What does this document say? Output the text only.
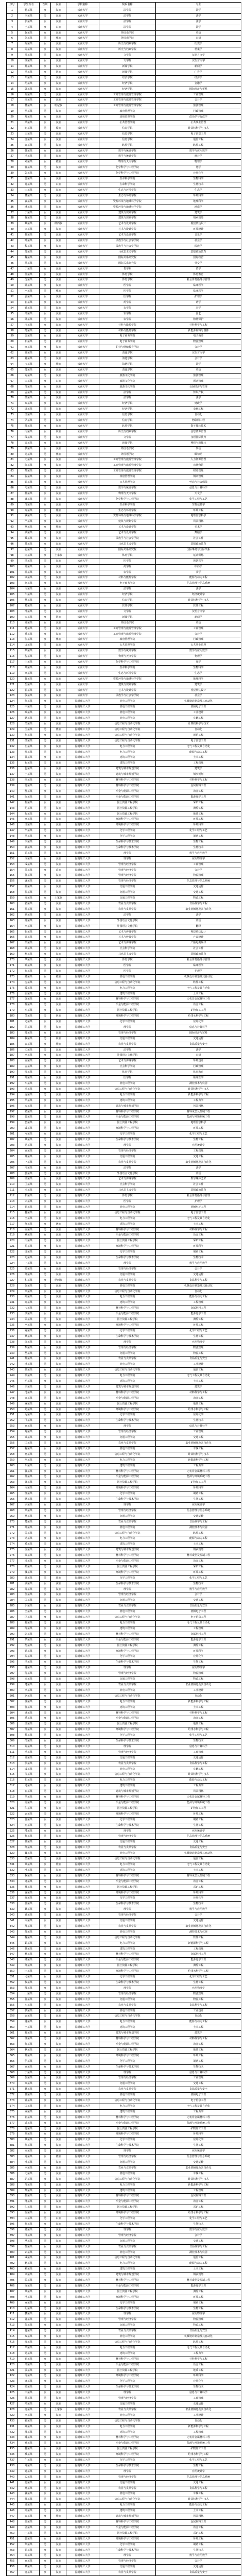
序号	学生姓名	性别	民族	学校名称	院系名称	专业
1	杨某某	女	汉族	云南大学	法学院	法学
2	李某某	男	汉族	云南大学	法学院	法学
3	张某某	女	汉族	云南大学	法学院	法学
4	王某某	女	白族	云南大学	法学院	法学
5	赵某某	女	汉族	云南大学	外国语学院	英语
6	刘某某	男	彝族	云南大学	外国语学院	日语
7	陈某某	女	汉族	云南大学	历史与档案学院	历史学
8	周某某	女	汉族	云南大学	历史与档案学院	档案学
9	吴某某	男	汉族	云南大学	文学院	汉语言文学
10	徐某某	女	汉族	云南大学	文学院	汉语言文学
11	孙某某	女	汉族	云南大学	新闻学院	新闻学
12	马某某	女	回族	云南大学	新闻学院	广告学
13	朱某某	男	汉族	云南大学	经济学院	经济学
14	胡某某	女	汉族	云南大学	经济学院	金融学
15	郭某某	女	汉族	云南大学	经济学院	国际经济与贸易
16	何某某	男	汉族	云南大学	工商管理与旅游管理学院	工商管理
17	高某某	女	汉族	云南大学	工商管理与旅游管理学院	会计学
18	林某某	女	哈尼族	云南大学	工商管理与旅游管理学院	旅游管理
19	罗某某	男	汉族	云南大学	政府管理学院	行政管理
20	郑某某	女	汉族	云南大学	政府管理学院	政治学与行政学
21	梁某某	女	汉族	云南大学	公共管理学院	公共事业管理
22	谢某某	男	傣族	云南大学	信息学院	计算机科学与技术
23	宋某某	男	汉族	云南大学	信息学院	电子信息工程
24	唐某某	女	汉族	云南大学	信息学院	通信工程
25	许某某	男	汉族	云南大学	软件学院	软件工程
26	韩某某	女	汉族	云南大学	数学与统计学院	数学与应用数学
27	冯某某	男	汉族	云南大学	数学与统计学院	统计学
28	邓某某	女	彝族	云南大学	物理与天文学院	物理学
29	曹某某	男	汉族	云南大学	化学科学与工程学院	化学
30	彭某某	女	汉族	云南大学	化学科学与工程学院	应用化学
31	曾某某	女	汉族	云南大学	生命科学学院	生物科学
32	肖某某	男	白族	云南大学	生命科学学院	生物技术
33	田某某	女	汉族	云南大学	生态与环境学院	生态学
34	董某某	男	汉族	云南大学	生态与环境学院	环境科学
35	袁某某	女	汉族	云南大学	资源环境与地球科学学院	地理科学
36	潘某某	男	汉族	云南大学	资源环境与地球科学学院	地质学
37	于某某	女	汉族	云南大学	建筑与规划学院	建筑学
38	蒋某某	男	汉族	云南大学	建筑与规划学院	城乡规划
39	蔡某某	女	纳西族	云南大学	艺术与设计学院	视觉传达设计
40	余某某	女	汉族	云南大学	艺术与设计学院	环境设计
41	杜某某	男	汉族	云南大学	艺术与设计学院	音乐学
42	叶某某	女	汉族	云南大学	民族学与社会学学院	社会学
43	程某某	女	汉族	云南大学	民族学与社会学学院	民族学
44	苏某某	男	汉族	云南大学	马克思主义学院	思想政治教育
45	魏某某	女	汉族	云南大学	国际关系研究院	国际政治
46	吕某某	男	汉族	云南大学	国际关系研究院	外交学
47	丁某某	女	汉族	云南大学	哲学系	哲学
48	任某某	女	汉族	云南大学	体育学院	体育教育
49	沈某某	男	汉族	云南大学	体育学院	社会体育指导与管理
50	姚某某	女	汉族	云南大学	医学院	临床医学
51	卢某某	男	彝族	云南大学	医学院	临床医学
52	姜某某	女	汉族	云南大学	医学院	护理学
53	崔某某	女	汉族	云南大学	药学院	药学
54	钟某某	男	汉族	云南大学	农学院	农学
55	谭某某	女	汉族	云南大学	农学院	园艺
56	陆某某	男	汉族	云南大学	农学院	植物保护
57	汪某某	女	汉族	云南大学	材料与能源学院	材料科学与工程
58	范某某	男	汉族	云南大学	材料与能源学院	新能源材料与器件
59	金某某	女	汉族	云南大学	电子商务学院	电子商务
60	石某某	男	苗族	云南大学	电子商务学院	物流管理
61	廖某某	女	汉族	云南大学	职业与继续教育学院	会计学
62	贾某某	女	汉族	云南大学	滇池学院	汉语言文学
63	夏某某	男	汉族	云南大学	滇池学院	会计学
64	韦某某	女	壮族	云南大学	滇池学院	法学
65	付某某	女	汉族	云南大学	滇池学院	英语
66	方某某	男	汉族	云南大学	旅游文化学院	旅游管理
67	白某某	女	白族	云南大学	旅游文化学院	酒店管理
68	邹某某	女	汉族	云南大学	旅游文化学院	会展经济与管理
69	孟某某	男	汉族	云南大学	法学院	知识产权
70	熊某某	女	汉族	云南大学	法学院	法学
71	秦某某	女	汉族	云南大学	经济学院	财政学
72	邱某某	男	汉族	云南大学	经济学院	金融工程
73	江某某	女	汉族	云南大学	信息学院	自动化
74	尹某某	男	汉族	云南大学	信息学院	物联网工程
75	薛某某	女	汉族	云南大学	软件学院	数字媒体技术
76	闫某某	女	回族	云南大学	历史与档案学院	信息资源管理
77	段某某	男	汉族	云南大学	文学院	汉语国际教育
78	雷某某	女	汉族	云南大学	新闻学院	网络与新媒体
79	侯某某	女	汉族	云南大学	外国语学院	泰语
80	龙某某	男	彝族	云南大学	外国语学院	缅甸语
81	史某某	女	汉族	云南大学	工商管理与旅游管理学院	人力资源管理
82	陶某某	女	汉族	云南大学	工商管理与旅游管理学院	市场营销
83	黎某某	男	汉族	云南大学	工商管理与旅游管理学院	财务管理
84	贺某某	女	汉族	云南大学	政府管理学院	城市管理
85	顾某某	女	汉族	云南大学	公共管理学院	劳动与社会保障
86	毛某某	男	汉族	云南大学	数学与统计学院	信息与计算科学
87	郝某某	女	汉族	云南大学	物理与天文学院	天文学
88	龚某某	男	汉族	云南大学	化学科学与工程学院	化学工程与工艺
89	邵某某	女	汉族	云南大学	生命科学学院	生物信息学
90	万某某	女	傣族	云南大学	生态与环境学院	环境工程
91	钱某某	男	汉族	云南大学	资源环境与地球科学学院	地理信息科学
92	严某某	女	汉族	云南大学	建筑与规划学院	风景园林
93	覃某某	女	壮族	云南大学	艺术与设计学院	美术学
94	武某某	男	汉族	云南大学	艺术与设计学院	舞蹈学
95	戴某某	女	汉族	云南大学	民族学与社会学学院	社会工作
96	莫某某	女	汉族	云南大学	马克思主义学院	思想政治教育
97	孔某某	男	汉族	云南大学	国际关系研究院	国际事务与国际关系
98	向某某	女	土家族	云南大学	体育学院	运动训练
99	汤某某	男	汉族	云南大学	医学院	预防医学
100	常某某	女	汉族	云南大学	药学院	中药学
101	温某某	女	汉族	云南大学	农学院	茶学
102	康某某	男	汉族	云南大学	材料与能源学院	能源与动力工程
103	施某某	女	汉族	云南大学	电子商务学院	信息管理与信息系统
104	文某某	女	汉族	云南大学	法学院	法学
105	牛某某	男	汉族	云南大学	经济学院	经济统计学
106	樊某某	女	汉族	云南大学	信息学院	计算机科学与技术
107	葛某某	女	汉族	云南大学	软件学院	软件工程
108	邢某某	男	汉族	云南大学	文学院	汉语言文学
109	安某某	女	回族	云南大学	新闻学院	新闻学
110	齐某某	女	汉族	云南大学	外国语学院	英语
111	易某某	男	汉族	云南大学	工商管理与旅游管理学院	工商管理
112	乔某某	女	汉族	云南大学	工商管理与旅游管理学院	会计学
113	伍某某	女	彝族	云南大学	政府管理学院	行政管理
114	庞某某	男	汉族	云南大学	公共管理学院	公共事业管理
115	颜某某	女	汉族	云南大学	数学与统计学院	数学与应用数学
116	倪某某	男	汉族	云南大学	物理与天文学院	物理学
117	庄某某	女	汉族	云南大学	化学科学与工程学院	化学
118	聂某某	女	汉族	云南大学	生命科学学院	生物科学
119	章某某	男	汉族	云南大学	生态与环境学院	生态学
120	鲁某某	女	汉族	云南大学	资源环境与地球科学学院	地理科学
121	岳某某	女	汉族	云南大学	建筑与规划学院	建筑学
122	翟某某	男	汉族	云南大学	艺术与设计学院	视觉传达设计
123	殷某某	女	汉族	云南大学	民族学与社会学学院	社会学
124	詹某某	女	汉族	昆明理工大学	机电工程学院	机械设计制造及其自动化
125	申某某	男	汉族	昆明理工大学	机电工程学院	机械电子工程
126	欧某某	女	汉族	昆明理工大学	机电工程学院	工业设计
127	耿某某	男	汉族	昆明理工大学	机电工程学院	车辆工程
128	关某某	女	汉族	昆明理工大学	信息工程与自动化学院	计算机科学与技术
129	兰某某	男	彝族	昆明理工大学	信息工程与自动化学院	自动化
130	焦某某	女	汉族	昆明理工大学	信息工程与自动化学院	通信工程
131	俞某某	男	汉族	昆明理工大学	信息工程与自动化学院	电子信息工程
132	左某某	女	汉族	昆明理工大学	电力工程学院	电气工程及其自动化
133	柳某某	男	汉族	昆明理工大学	电力工程学院	能源与动力工程
134	甘某某	女	白族	昆明理工大学	建筑工程学院	土木工程
135	祝某某	男	汉族	昆明理工大学	建筑工程学院	工程管理
136	包某某	女	汉族	昆明理工大学	建筑与城市规划学院	建筑学
137	宁某某	男	汉族	昆明理工大学	建筑与城市规划学院	城乡规划
138	尚某某	女	汉族	昆明理工大学	材料科学与工程学院	材料科学与工程
139	符某某	男	汉族	昆明理工大学	材料科学与工程学院	金属材料工程
140	舒某某	女	汉族	昆明理工大学	冶金与能源工程学院	冶金工程
141	阮某某	男	汉族	昆明理工大学	冶金与能源工程学院	能源化学工程
142	柯某某	女	汉族	昆明理工大学	国土资源工程学院	采矿工程
143	纪某某	男	汉族	昆明理工大学	国土资源工程学院	测绘工程
144	梅某某	女	汉族	昆明理工大学	国土资源工程学院	地质工程
145	童某某	男	汉族	昆明理工大学	环境科学与工程学院	环境工程
146	凌某某	女	汉族	昆明理工大学	环境科学与工程学院	环境科学
147	毕某某	男	汉族	昆明理工大学	化学工程学院	化学工程与工艺
148	单某某	女	汉族	昆明理工大学	化学工程学院	制药工程
149	季某某	男	汉族	昆明理工大学	生命科学与技术学院	生物工程
150	裴某某	女	汉族	昆明理工大学	生命科学与技术学院	生物技术
151	霍某某	男	汉族	昆明理工大学	理学院	数学与应用数学
152	涂某某	女	汉族	昆明理工大学	理学院	应用物理学
153	成某某	男	汉族	昆明理工大学	管理与经济学院	工商管理
154	苗某某	女	苗族	昆明理工大学	管理与经济学院	会计学
155	谷某某	女	汉族	昆明理工大学	管理与经济学院	物流管理
156	盛某某	男	汉族	昆明理工大学	管理与经济学院	信息管理与信息系统
157	曲某某	女	汉族	昆明理工大学	交通工程学院	交通运输
158	翁某某	男	汉族	昆明理工大学	交通工程学院	交通工程
159	冉某某	女	土家族	昆明理工大学	交通工程学院	物流工程
160	骆某某	男	汉族	昆明理工大学	农业与食品学院	食品科学与工程
161	蓝某某	女	汉族	昆明理工大学	农业与食品学院	农业机械化及其自动化
162	路某某	男	汉族	昆明理工大学	法学院	法学
163	游某某	女	汉族	昆明理工大学	外国语言文化学院	英语
164	辛某某	女	汉族	昆明理工大学	外国语言文化学院	翻译
165	靳某某	男	汉族	昆明理工大学	艺术与传媒学院	视觉传达设计
166	管某某	女	汉族	昆明理工大学	艺术与传媒学院	产品设计
167	柴某某	女	汉族	昆明理工大学	艺术与传媒学院	广播电视编导
168	蒙某某	男	汉族	昆明理工大学	社会科学学院	社会工作
169	鲍某某	女	汉族	昆明理工大学	马克思主义学院	思想政治教育
170	华某某	男	汉族	昆明理工大学	体育学院	社会体育指导与管理
171	喻某某	女	汉族	昆明理工大学	医学院	临床医学
172	祁某某	男	汉族	昆明理工大学	医学院	护理学
173	蒲某某	女	彝族	昆明理工大学	机电工程学院	机械设计制造及其自动化
174	房某某	男	汉族	昆明理工大学	信息工程与自动化学院	软件工程
175	滕某某	女	汉族	昆明理工大学	电力工程学院	电气工程及其自动化
176	屈某某	男	汉族	昆明理工大学	建筑工程学院	土木工程
177	饶某某	女	汉族	昆明理工大学	材料科学与工程学院	无机非金属材料工程
178	解某某	男	汉族	昆明理工大学	冶金与能源工程学院	冶金工程
179	牟某某	女	汉族	昆明理工大学	国土资源工程学院	矿物加工工程
180	艾某某	男	回族	昆明理工大学	环境科学与工程学院	给排水科学与工程
181	尤某某	女	汉族	昆明理工大学	化学工程学院	应用化学
182	阳某某	男	汉族	昆明理工大学	理学院	信息与计算科学
183	时某某	女	汉族	昆明理工大学	管理与经济学院	国际经济与贸易
184	穆某某	男	回族	昆明理工大学	交通工程学院	交通运输
185	农某某	女	壮族	昆明理工大学	农业与食品学院	食品质量与安全
186	司某某	男	汉族	昆明理工大学	法学院	法学
187	卓某某	女	汉族	昆明理工大学	外国语言文化学院	日语
188	古某某	男	汉族	昆明理工大学	艺术与传媒学院	环境设计
189	吉某某	女	汉族	昆明理工大学	社会科学学院	行政管理
190	缪某某	男	汉族	昆明理工大学	体育学院	体育教育
191	简某某	女	汉族	昆明理工大学	医学院	临床医学
192	车某某	男	汉族	昆明理工大学	机电工程学院	测控技术与仪器
193	项某某	女	汉族	昆明理工大学	信息工程与自动化学院	计算机科学与技术
194	连某某	男	汉族	昆明理工大学	电力工程学院	新能源科学与工程
195	芦某某	女	汉族	昆明理工大学	建筑工程学院	工程力学
196	麦某某	男	汉族	昆明理工大学	建筑与城市规划学院	风景园林
197	褚某某	女	汉族	昆明理工大学	材料科学与工程学院	材料成型及控制工程
198	娄某某	男	汉族	昆明理工大学	冶金与能源工程学院	能源与环境系统工程
199	窦某某	女	汉族	昆明理工大学	国土资源工程学院	地理信息科学
200	戚某某	男	汉族	昆明理工大学	环境科学与工程学院	环境工程
201	岑某某	女	汉族	昆明理工大学	化学工程学院	化学工程与工艺
202	景某某	男	汉族	昆明理工大学	生命科学与技术学院	生物工程
203	党某某	女	汉族	昆明理工大学	理学院	应用统计学
204	宫某某	男	汉族	昆明理工大学	管理与经济学院	工程管理
205	费某某	女	汉族	昆明理工大学	交通工程学院	交通工程
206	卜某某	男	汉族	昆明理工大学	农业与食品学院	农业机械化及其自动化
207	冷某某	女	汉族	昆明理工大学	法学院	法学
208	晏某某	男	汉族	昆明理工大学	外国语言文化学院	英语
209	席某某	女	汉族	昆明理工大学	艺术与传媒学院	数字媒体艺术
210	卫某某	男	汉族	昆明理工大学	社会科学学院	社会工作
211	米某某	女	汉族	昆明理工大学	马克思主义学院	思想政治教育
212	柏某某	男	汉族	昆明理工大学	体育学院	社会体育指导与管理
213	宗某某	女	汉族	昆明理工大学	医学院	护理学
214	瞿某某	男	汉族	昆明理工大学	机电工程学院	机械电子工程
215	桂某某	女	汉族	昆明理工大学	信息工程与自动化学院	电子信息工程
216	全某某	男	汉族	昆明理工大学	电力工程学院	电气工程及其自动化
217	佟某某	女	满族	昆明理工大学	建筑工程学院	土木工程
218	应某某	男	汉族	昆明理工大学	材料科学与工程学院	材料科学与工程
219	臧某某	女	汉族	昆明理工大学	冶金与能源工程学院	冶金工程
220	闵某某	男	汉族	昆明理工大学	国土资源工程学院	采矿工程
221	苟某某	女	汉族	昆明理工大学	环境科学与工程学院	环境科学
222	邬某某	男	汉族	昆明理工大学	化学工程学院	制药工程
223	边某某	女	汉族	昆明理工大学	生命科学与技术学院	生物技术
224	卞某某	男	汉族	昆明理工大学	理学院	数学与应用数学
225	姬某某	女	汉族	昆明理工大学	管理与经济学院	会计学
226	师某某	男	汉族	昆明理工大学	交通工程学院	交通运输
227	和某某	女	纳西族	昆明理工大学	农业与食品学院	食品科学与工程
228	仇某某	男	汉族	昆明理工大学	机电工程学院	机械设计制造及其自动化
229	栾某某	女	汉族	昆明理工大学	信息工程与自动化学院	自动化
230	隋某某	男	汉族	昆明理工大学	电力工程学院	能源与动力工程
231	商某某	女	汉族	昆明理工大学	建筑工程学院	工程管理
232	刁某某	男	汉族	昆明理工大学	材料科学与工程学院	金属材料工程
233	沙某某	女	回族	昆明理工大学	冶金与能源工程学院	能源化学工程
234	荣某某	男	汉族	昆明理工大学	国土资源工程学院	测绘工程
235	巫某某	女	汉族	昆明理工大学	环境科学与工程学院	环境工程
236	寇某某	男	汉族	昆明理工大学	化学工程学院	化学工程与工艺
237	桑某某	女	汉族	昆明理工大学	生命科学与技术学院	生物工程
238	郎某某	男	汉族	昆明理工大学	理学院	应用物理学
239	甄某某	女	汉族	昆明理工大学	管理与经济学院	物流管理
240	丛某某	男	汉族	昆明理工大学	交通工程学院	物流工程
241	仲某某	女	汉族	昆明理工大学	农业与食品学院	食品质量与安全
242	虞某某	男	汉族	昆明理工大学	机电工程学院	工业设计
243	敖某某	女	汉族	昆明理工大学	信息工程与自动化学院	通信工程
244	巩某某	男	汉族	昆明理工大学	电力工程学院	电气工程及其自动化
245	明某某	女	汉族	昆明理工大学	建筑工程学院	土木工程
246	佘某某	男	汉族	昆明理工大学	建筑与城市规划学院	建筑学
247	池某某	女	汉族	昆明理工大学	材料科学与工程学院	材料科学与工程
248	查某某	男	汉族	昆明理工大学	冶金与能源工程学院	冶金工程
249	麻某某	女	汉族	昆明理工大学	国土资源工程学院	地质工程
250	苑某某	男	汉族	昆明理工大学	环境科学与工程学院	给排水科学与工程
251	迟某某	女	汉族	昆明理工大学	化学工程学院	应用化学
252	邝某某	男	汉族	昆明理工大学	生命科学与技术学院	生物技术
253	官某某	女	汉族	昆明理工大学	理学院	信息与计算科学
254	封某某	男	汉族	昆明理工大学	管理与经济学院	工商管理
255	谈某某	女	汉族	昆明理工大学	交通工程学院	交通工程
256	匡某某	男	汉族	昆明理工大学	农业与食品学院	农业机械化及其自动化
257	鞠某某	女	汉族	昆明理工大学	机电工程学院	车辆工程
258	惠某某	男	汉族	昆明理工大学	信息工程与自动化学院	计算机科学与技术
259	荆某某	女	汉族	昆明理工大学	电力工程学院	新能源科学与工程
260	乐某某	男	汉族	昆明理工大学	建筑工程学院	工程力学
261	冀某某	女	汉族	昆明理工大学	材料科学与工程学院	无机非金属材料工程
262	郁某某	男	汉族	昆明理工大学	冶金与能源工程学院	能源与环境系统工程
263	胥某某	女	汉族	昆明理工大学	国土资源工程学院	矿物加工工程
264	南某某	男	汉族	昆明理工大学	环境科学与工程学院	环境科学
265	班某某	女	汉族	昆明理工大学	化学工程学院	制药工程
266	储某某	男	汉族	昆明理工大学	生命科学与技术学院	生物工程
267	原某某	女	汉族	昆明理工大学	理学院	应用统计学
268	栗某某	男	汉族	昆明理工大学	管理与经济学院	信息管理与信息系统
269	燕某某	女	汉族	昆明理工大学	交通工程学院	交通运输
270	楚某某	男	汉族	昆明理工大学	农业与食品学院	食品科学与工程
271	鄢某某	女	汉族	昆明理工大学	机电工程学院	测控技术与仪器
272	劳某某	男	汉族	昆明理工大学	信息工程与自动化学院	软件工程
273	谌某某	女	汉族	昆明理工大学	电力工程学院	能源与动力工程
274	奚某某	男	汉族	昆明理工大学	建筑工程学院	土木工程
275	皮某某	女	汉族	昆明理工大学	建筑与城市规划学院	城乡规划
276	粟某某	男	汉族	昆明理工大学	材料科学与工程学院	材料成型及控制工程
277	冼某某	女	汉族	昆明理工大学	冶金与能源工程学院	冶金工程
278	蔺某某	男	汉族	昆明理工大学	国土资源工程学院	采矿工程
279	楼某某	女	汉族	昆明理工大学	环境科学与工程学院	环境工程
280	盘某某	男	瑶族	昆明理工大学	化学工程学院	化学工程与工艺
281	满某某	女	满族	昆明理工大学	生命科学与技术学院	生物技术
282	闻某某	男	汉族	昆明理工大学	理学院	数学与应用数学
283	位某某	女	汉族	昆明理工大学	管理与经济学院	会计学
284	厉某某	男	汉族	昆明理工大学	交通工程学院	交通工程
285	伊某某	女	汉族	昆明理工大学	农业与食品学院	食品质量与安全
286	仝某某	男	汉族	昆明理工大学	机电工程学院	机械电子工程
287	区某某	女	汉族	昆明理工大学	信息工程与自动化学院	电子信息工程
288	郗某某	男	汉族	昆明理工大学	电力工程学院	电气工程及其自动化
289	练某某	女	汉族	昆明理工大学	建筑工程学院	工程管理
290	尉某某	男	汉族	昆明理工大学	材料科学与工程学院	金属材料工程
291	茅某某	女	汉族	昆明理工大学	冶金与能源工程学院	能源化学工程
292	衡某某	男	汉族	昆明理工大学	国土资源工程学院	测绘工程
293	铁某某	女	汉族	昆明理工大学	环境科学与工程学院	环境科学
294	揭某某	男	汉族	昆明理工大学	化学工程学院	应用化学
295	洪某某	女	汉族	昆明理工大学	生命科学与技术学院	生物工程
296	蓬某某	男	汉族	昆明理工大学	理学院	应用物理学
297	侍某某	女	汉族	昆明理工大学	管理与经济学院	物流管理
298	来某某	男	汉族	昆明理工大学	交通工程学院	物流工程
299	逄某某	女	汉族	昆明理工大学	农业与食品学院	农业机械化及其自动化
300	幸某某	男	汉族	昆明理工大学	机电工程学院	工业设计
301	琚某某	女	汉族	昆明理工大学	信息工程与自动化学院	自动化
302	谯某某	男	汉族	昆明理工大学	电力工程学院	新能源科学与工程
303	訾某某	女	汉族	昆明理工大学	建筑工程学院	土木工程
304	逯某某	男	汉族	昆明理工大学	材料科学与工程学院	材料科学与工程
305	禹某某	女	汉族	昆明理工大学	冶金与能源工程学院	冶金工程
306	汲某某	男	汉族	昆明理工大学	国土资源工程学院	地质工程
307	邸某某	女	汉族	昆明理工大学	环境科学与工程学院	给排水科学与工程
308	嵇某某	男	汉族	昆明理工大学	化学工程学院	化学工程与工艺
309	芮某某	女	汉族	昆明理工大学	生命科学与技术学院	生物技术
310	羿某某	男	汉族	昆明理工大学	理学院	信息与计算科学
311	靖某某	女	汉族	昆明理工大学	管理与经济学院	工商管理
312	计某某	男	汉族	昆明理工大学	交通工程学院	交通运输
313	伏某某	女	汉族	昆明理工大学	农业与食品学院	食品科学与工程
314	成某某	男	汉族	昆明理工大学	机电工程学院	车辆工程
315	戈某某	女	汉族	昆明理工大学	信息工程与自动化学院	计算机科学与技术
316	桓某某	男	汉族	昆明理工大学	电力工程学院	能源与动力工程
317	过某某	女	汉族	昆明理工大学	建筑工程学院	工程力学
318	宦某某	男	汉族	昆明理工大学	建筑与城市规划学院	风景园林
319	莘某某	女	汉族	昆明理工大学	材料科学与工程学院	无机非金属材料工程
320	屠某某	男	汉族	昆明理工大学	冶金与能源工程学院	能源与环境系统工程
321	印某某	女	汉族	昆明理工大学	国土资源工程学院	矿物加工工程
322	宓某某	男	汉族	昆明理工大学	环境科学与工程学院	环境工程
323	晋某某	女	汉族	昆明理工大学	化学工程学院	制药工程
324	宿某某	男	汉族	昆明理工大学	生命科学与技术学院	生物工程
325	薄某某	女	汉族	昆明理工大学	理学院	应用统计学
326	杭某某	男	汉族	昆明理工大学	管理与经济学院	信息管理与信息系统
327	黄某某	女	汉族	昆明理工大学	交通工程学院	交通工程
328	经某某	男	汉族	昆明理工大学	农业与食品学院	食品质量与安全
329	聂某某	女	汉族	昆明理工大学	机电工程学院	机械设计制造及其自动化
330	昌某某	男	汉族	昆明理工大学	信息工程与自动化学院	通信工程
331	覃某某	女	壮族	昆明理工大学	电力工程学院	电气工程及其自动化
332	滑某某	男	汉族	昆明理工大学	建筑工程学院	土木工程
333	权某某	女	汉族	昆明理工大学	材料科学与工程学院	材料成型及控制工程
334	逢某某	男	汉族	昆明理工大学	冶金与能源工程学院	冶金工程
335	慕某某	女	汉族	昆明理工大学	国土资源工程学院	采矿工程
336	容某某	男	汉族	昆明理工大学	环境科学与工程学院	环境科学
337	阚某某	女	汉族	昆明理工大学	化学工程学院	应用化学
338	那某某	男	满族	昆明理工大学	生命科学与技术学院	生物技术
339	暴某某	女	汉族	昆明理工大学	理学院	数学与应用数学
340	钭某某	男	汉族	昆明理工大学	管理与经济学院	会计学
341	厍某某	女	汉族	昆明理工大学	交通工程学院	交通运输
342	郜某某	男	汉族	昆明理工大学	农业与食品学院	农业机械化及其自动化
343	都某某	女	汉族	昆明理工大学	机电工程学院	测控技术与仪器
344	隗某某	男	汉族	昆明理工大学	信息工程与自动化学院	软件工程
345	茹某某	女	汉族	昆明理工大学	电力工程学院	新能源科学与工程
346	越某某	男	汉族	昆明理工大学	建筑工程学院	工程管理
347	夔某某	女	汉族	昆明理工大学	材料科学与工程学院	金属材料工程
348	隆某某	男	汉族	昆明理工大学	冶金与能源工程学院	能源化学工程
349	师某某	女	汉族	昆明理工大学	国土资源工程学院	测绘工程
350	巴某某	男	汉族	昆明理工大学	环境科学与工程学院	给排水科学与工程
351	弓某某	女	汉族	昆明理工大学	化学工程学院	化学工程与工艺
352	牧某某	男	汉族	昆明理工大学	生命科学与技术学院	生物工程
353	隗某某	女	汉族	昆明理工大学	理学院	应用物理学
354	山某某	男	汉族	昆明理工大学	管理与经济学院	物流管理
355	谷某某	女	汉族	昆明理工大学	交通工程学院	物流工程
356	车某某	男	汉族	昆明理工大学	农业与食品学院	食品科学与工程
357	侯某某	女	汉族	昆明理工大学	机电工程学院	工业设计
358	宓某某	男	汉族	昆明理工大学	信息工程与自动化学院	自动化
359	蓬某某	女	汉族	昆明理工大学	电力工程学院	能源与动力工程
360	全某某	男	汉族	昆明理工大学	建筑工程学院	土木工程
361	郗某某	女	汉族	昆明理工大学	建筑与城市规划学院	建筑学
362	班某某	男	汉族	昆明理工大学	材料科学与工程学院	材料科学与工程
363	仰某某	女	汉族	昆明理工大学	冶金与能源工程学院	冶金工程
364	秋某某	男	汉族	昆明理工大学	国土资源工程学院	地质工程
365	仲某某	女	汉族	昆明理工大学	环境科学与工程学院	环境工程
366	伊某某	男	汉族	昆明理工大学	化学工程学院	制药工程
367	宫某某	女	汉族	昆明理工大学	生命科学与技术学院	生物技术
368	宁某某	男	汉族	昆明理工大学	理学院	信息与计算科学
369	仇某某	女	汉族	昆明理工大学	管理与经济学院	工商管理
370	栾某某	男	汉族	昆明理工大学	交通工程学院	交通工程
371	暴某某	女	汉族	昆明理工大学	农业与食品学院	食品质量与安全
372	甘某某	男	汉族	昆明理工大学	机电工程学院	机械电子工程
373	钭某某	女	汉族	昆明理工大学	信息工程与自动化学院	电子信息工程
374	厉某某	男	汉族	昆明理工大学	电力工程学院	电气工程及其自动化
375	戎某某	女	汉族	昆明理工大学	建筑工程学院	工程力学
376	祖某某	男	汉族	昆明理工大学	材料科学与工程学院	无机非金属材料工程
377	武某某	女	汉族	昆明理工大学	冶金与能源工程学院	能源与环境系统工程
378	符某某	男	汉族	昆明理工大学	国土资源工程学院	矿物加工工程
379	刘某某	女	汉族	昆明理工大学	环境科学与工程学院	环境科学
380	景某某	男	汉族	昆明理工大学	化学工程学院	应用化学
381	詹某某	女	汉族	昆明理工大学	生命科学与技术学院	生物工程
382	束某某	男	汉族	昆明理工大学	理学院	应用统计学
383	龙某某	女	彝族	昆明理工大学	管理与经济学院	信息管理与信息系统
384	叶某某	男	汉族	昆明理工大学	交通工程学院	交通运输
385	幸某某	女	汉族	昆明理工大学	农业与食品学院	农业机械化及其自动化
386	司某某	男	汉族	昆明理工大学	机电工程学院	车辆工程
387	韶某某	女	汉族	昆明理工大学	信息工程与自动化学院	计算机科学与技术
388	郜某某	男	汉族	昆明理工大学	电力工程学院	新能源科学与工程
389	黎某某	女	汉族	昆明理工大学	建筑工程学院	工程管理
390	蓟某某	男	汉族	昆明理工大学	材料科学与工程学院	金属材料工程
391	薄某某	女	汉族	昆明理工大学	冶金与能源工程学院	冶金工程
392	印某某	男	汉族	昆明理工大学	国土资源工程学院	采矿工程
393	宿某某	女	汉族	昆明理工大学	环境科学与工程学院	给排水科学与工程
394	白某某	男	白族	昆明理工大学	化学工程学院	化学工程与工艺
395	怀某某	女	汉族	昆明理工大学	生命科学与技术学院	生物技术
396	蒲某某	男	汉族	昆明理工大学	理学院	数学与应用数学
397	邰某某	女	汉族	昆明理工大学	管理与经济学院	会计学
398	从某某	男	汉族	昆明理工大学	交通工程学院	交通工程
399	鄂某某	女	汉族	昆明理工大学	农业与食品学院	食品科学与工程
400	索某某	男	汉族	昆明理工大学	机电工程学院	测控技术与仪器
401	咸某某	女	汉族	昆明理工大学	信息工程与自动化学院	通信工程
402	籍某某	男	汉族	昆明理工大学	电力工程学院	能源与动力工程
403	赖某某	女	汉族	昆明理工大学	建筑工程学院	土木工程
404	卓某某	男	汉族	昆明理工大学	建筑与城市规划学院	城乡规划
405	蔺某某	女	汉族	昆明理工大学	材料科学与工程学院	材料成型及控制工程
406	屠某某	男	汉族	昆明理工大学	冶金与能源工程学院	能源化学工程
407	蒙某某	女	汉族	昆明理工大学	国土资源工程学院	测绘工程
408	池某某	男	汉族	昆明理工大学	环境科学与工程学院	环境工程
409	乔某某	女	汉族	昆明理工大学	化学工程学院	制药工程
410	阴某某	男	汉族	昆明理工大学	生命科学与技术学院	生物工程
411	鬱某某	女	汉族	昆明理工大学	理学院	应用物理学
412	胥某某	男	汉族	昆明理工大学	管理与经济学院	物流管理
413	能某某	女	汉族	昆明理工大学	交通工程学院	物流工程
414	苍某某	男	汉族	昆明理工大学	农业与食品学院	食品质量与安全
415	双某某	女	汉族	昆明理工大学	机电工程学院	机械设计制造及其自动化
416	闻某某	男	汉族	昆明理工大学	信息工程与自动化学院	软件工程
417	莘某某	女	汉族	昆明理工大学	电力工程学院	电气工程及其自动化
418	党某某	男	汉族	昆明理工大学	建筑工程学院	工程力学
419	翟某某	女	汉族	昆明理工大学	材料科学与工程学院	材料科学与工程
420	谭某某	男	汉族	昆明理工大学	冶金与能源工程学院	冶金工程
421	贡某某	女	汉族	昆明理工大学	国土资源工程学院	地质工程
422	劳某某	男	汉族	昆明理工大学	环境科学与工程学院	环境科学
423	逄某某	女	汉族	昆明理工大学	化学工程学院	应用化学
424	姬某某	男	汉族	昆明理工大学	生命科学与技术学院	生物技术
425	申某某	女	汉族	昆明理工大学	理学院	信息与计算科学
426	扶某某	男	汉族	昆明理工大学	管理与经济学院	工商管理
427	堵某某	女	汉族	昆明理工大学	交通工程学院	交通运输
428	冉某某	男	土家族	昆明理工大学	农业与食品学院	农业机械化及其自动化
429	宰某某	女	汉族	昆明理工大学	机电工程学院	工业设计
430	郦某某	男	汉族	昆明理工大学	信息工程与自动化学院	自动化
431	雍某某	女	汉族	昆明理工大学	电力工程学院	新能源科学与工程
432	郤某某	男	汉族	昆明理工大学	建筑工程学院	工程管理
433	璩某某	女	汉族	昆明理工大学	材料科学与工程学院	无机非金属材料工程
434	桑某某	男	汉族	昆明理工大学	冶金与能源工程学院	能源与环境系统工程
435	桂某某	女	汉族	昆明理工大学	国土资源工程学院	矿物加工工程
436	濮某某	男	汉族	昆明理工大学	环境科学与工程学院	给排水科学与工程
437	牛某某	女	汉族	昆明理工大学	化学工程学院	化学工程与工艺
438	寿某某	男	汉族	昆明理工大学	生命科学与技术学院	生物工程
439	通某某	女	汉族	昆明理工大学	理学院	应用统计学
440	边某某	男	汉族	昆明理工大学	管理与经济学院	信息管理与信息系统
441	扈某某	女	汉族	昆明理工大学	交通工程学院	交通工程
442	燕某某	男	汉族	昆明理工大学	农业与食品学院	食品科学与工程
443	冀某某	女	汉族	昆明理工大学	机电工程学院	车辆工程
444	郏某某	男	汉族	昆明理工大学	信息工程与自动化学院	计算机科学与技术
445	浦某某	女	汉族	昆明理工大学	电力工程学院	能源与动力工程
446	尚某某	男	汉族	昆明理工大学	建筑工程学院	土木工程
447	农某某	女	壮族	昆明理工大学	建筑与城市规划学院	风景园林
448	温某某	男	汉族	昆明理工大学	材料科学与工程学院	金属材料工程
449	别某某	女	汉族	昆明理工大学	冶金与能源工程学院	冶金工程
450	庄某某	男	汉族	昆明理工大学	国土资源工程学院	采矿工程
451	晏某某	女	汉族	昆明理工大学	环境科学与工程学院	环境工程
452	柴某某	男	汉族	昆明理工大学	化学工程学院	制药工程
453	瞿某某	女	汉族	昆明理工大学	生命科学与技术学院	生物技术
454	阎某某	男	汉族	昆明理工大学	理学院	数学与应用数学
455	充某某	女	汉族	昆明理工大学	管理与经济学院	会计学
456	慕某某	男	汉族	昆明理工大学	交通工程学院	交通运输
457	连某某	女	汉族	昆明理工大学	农业与食品学院	食品质量与安全
